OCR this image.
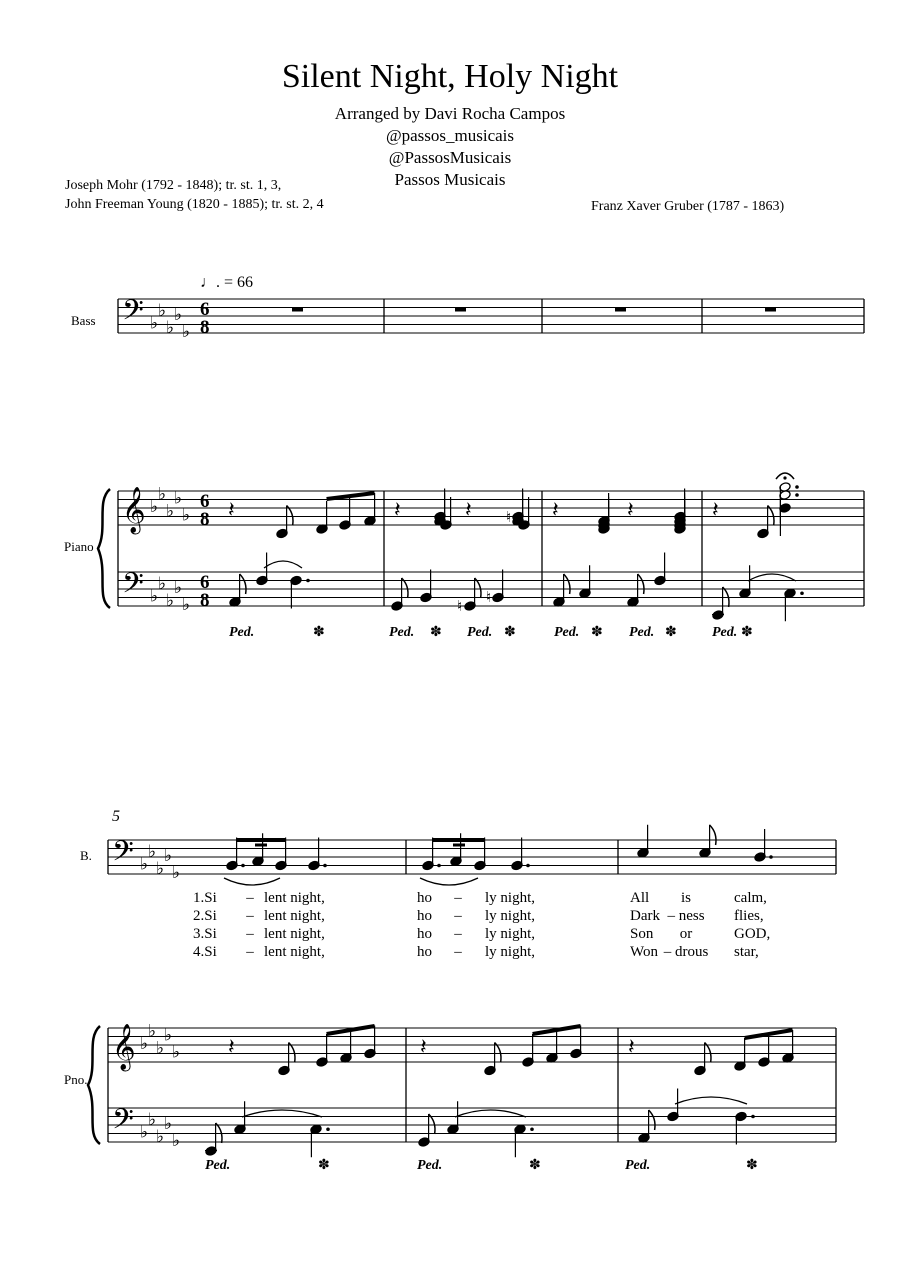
Silent Night, Holy Night
Arranged by Davi Rocha Campos
@passos_musicais
@PassosMusicais
Passos Musicais
Joseph Mohr (1792 - 1848); tr. st. 1, 3,
John Freeman Young (1820 - 1885); tr. st. 2, 4	Franz Xaver Gruber (1787 - 1863)
♩. = 66
Bass
Piano
5
B.
Pno.
𝄢 ♭
♭
♭
♭
♭
6
8
𝄞 ♭
♭
♭
♭
♭
6
8
𝄢 ♭
♭
♭
♭
♭
6
8
𝄽	𝄽	𝄽 ♮ 𝄽	𝄽	𝄽
♮
♮
Ped.	✽	Ped. ✽ Ped. ✽	Ped. ✽ Ped. ✽	Ped. ✽
𝄢 ♭
♭
♭
♭
♭
𝄞 ♭
♭
♭
♭
♭
𝄢 ♭
♭
♭
♭
♭
1.Si – lent night,	ho – ly night,	All is	calm,
2.Si – lent night,	ho – ly night,	Dark – ness flies,
3.Si – lent night,	ho – ly night,	Son or	GOD,
4.Si – lent night,	ho – ly night,	Won – drous star,
𝄽	𝄽	𝄽
Ped.	✽	Ped.	✽	Ped.	✽
